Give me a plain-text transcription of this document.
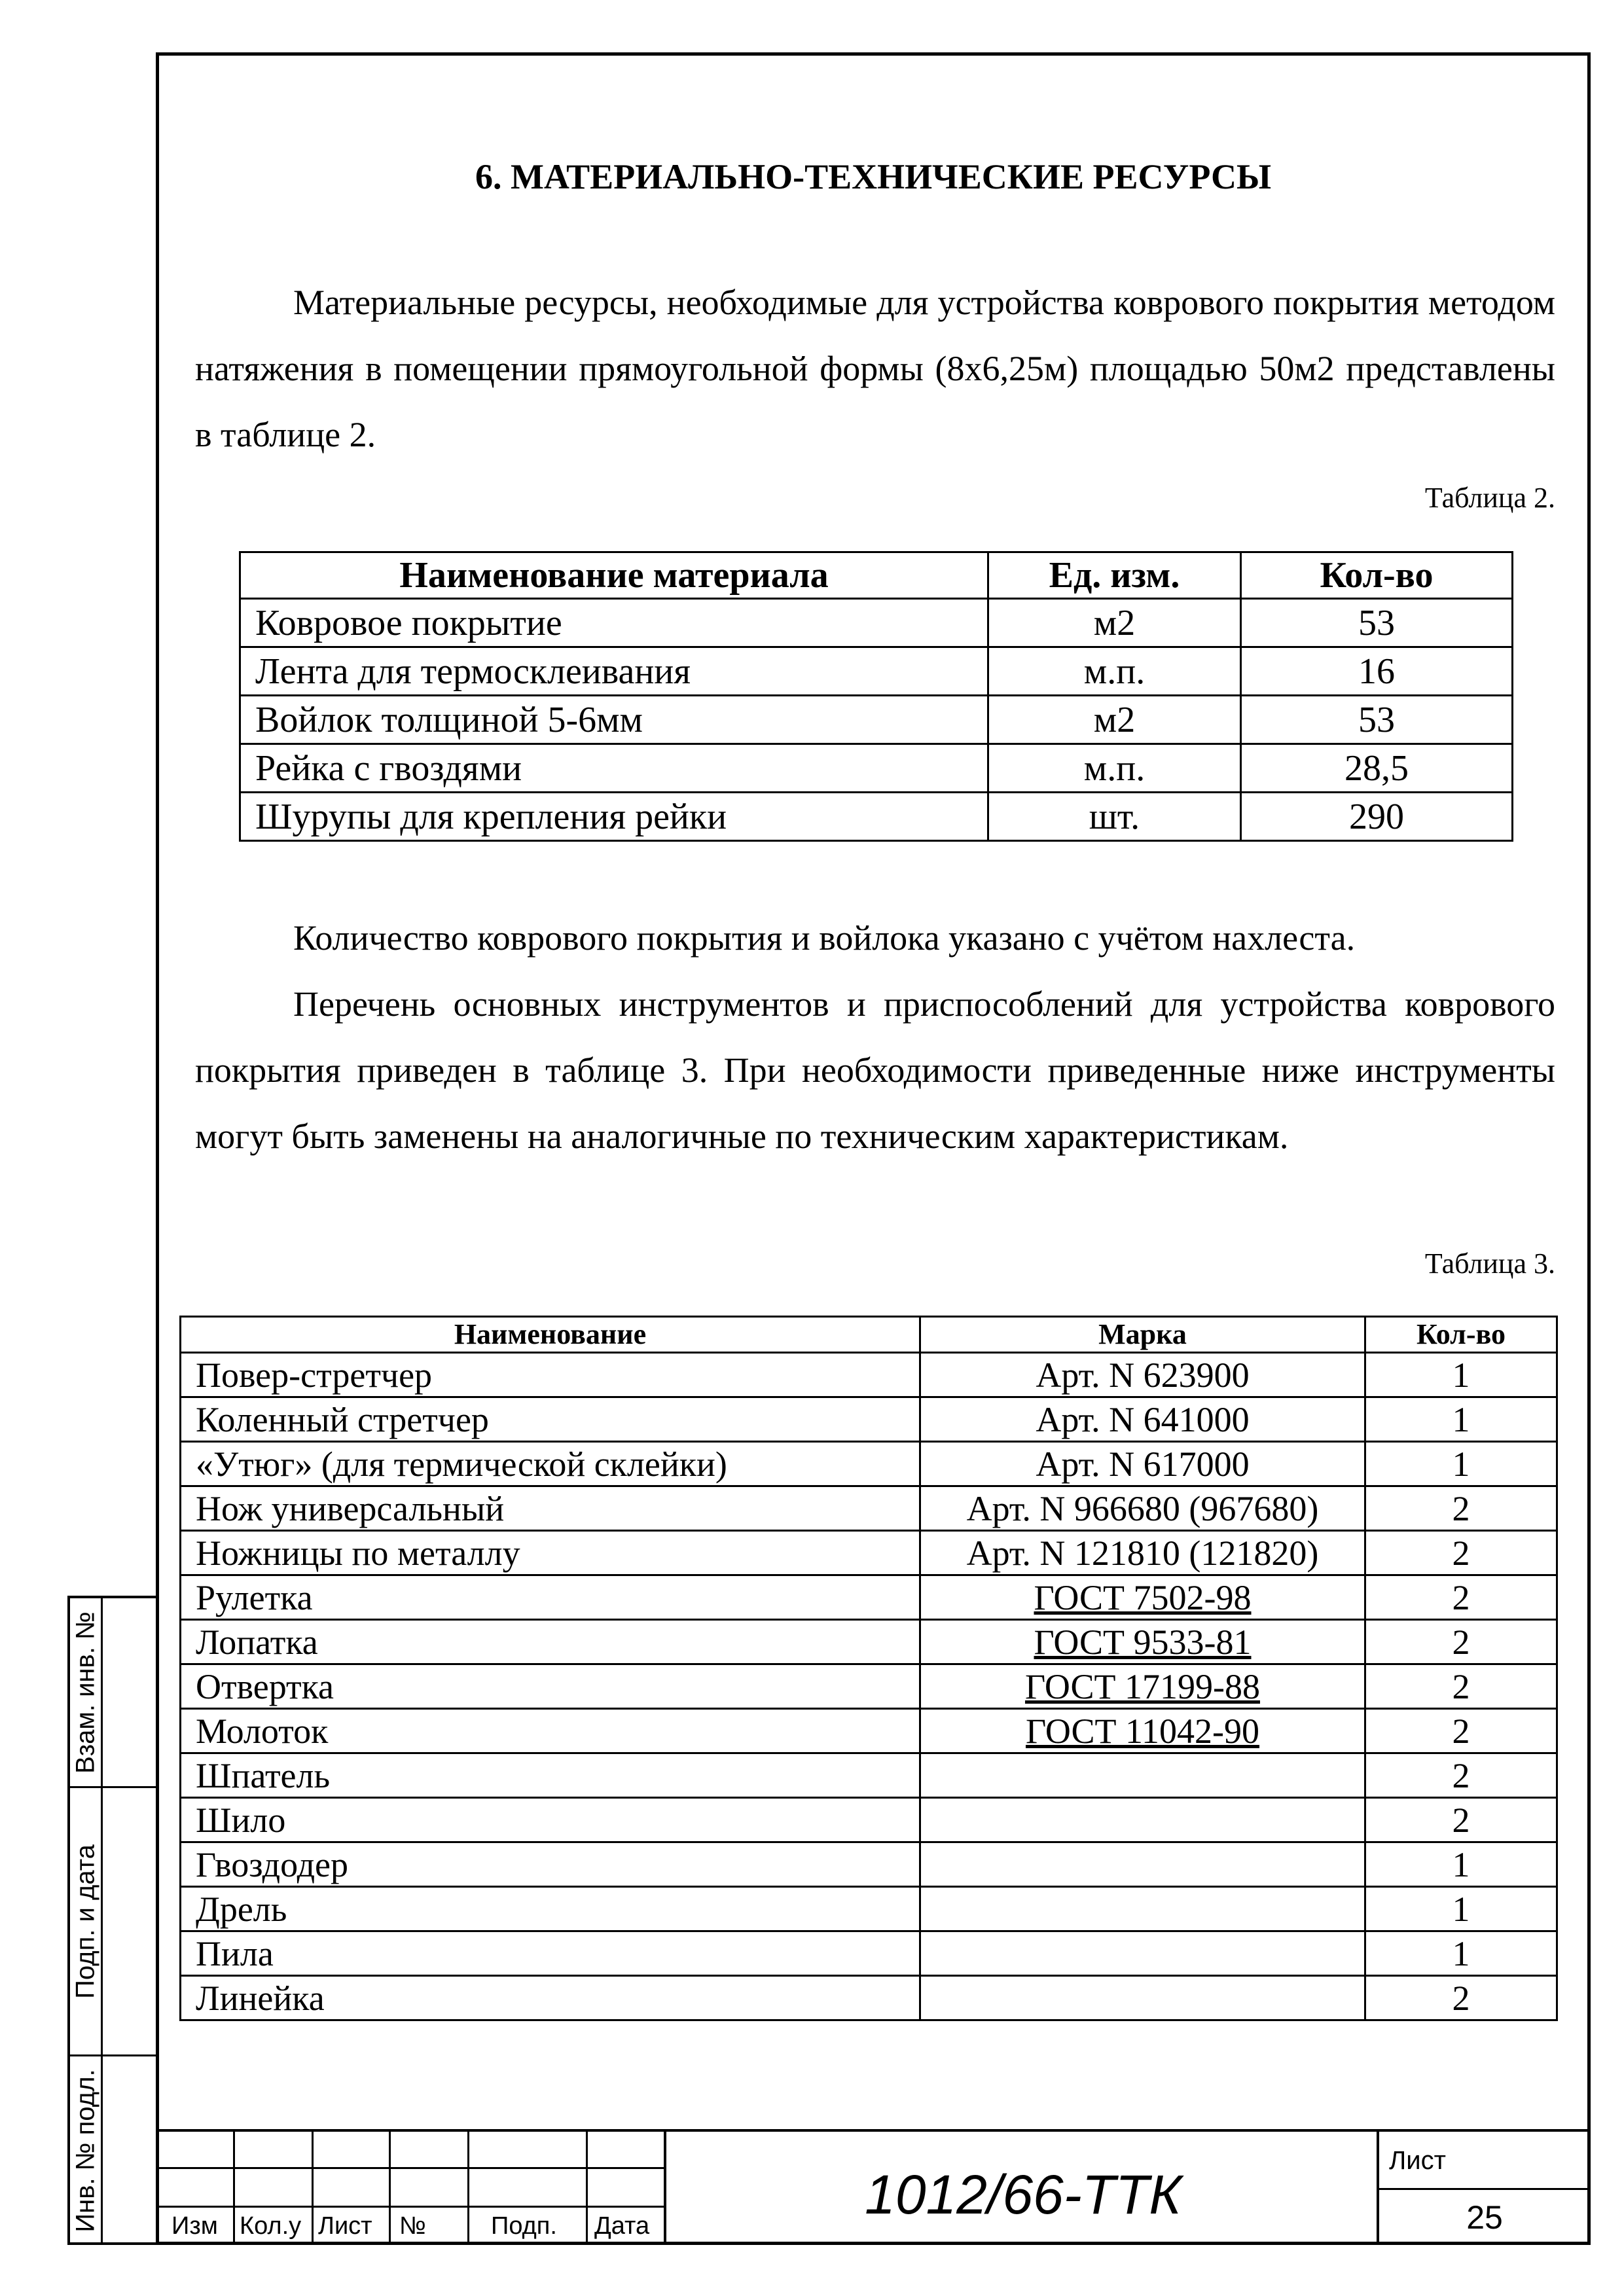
6. МАТЕРИАЛЬНО-ТЕХНИЧЕСКИЕ РЕСУРСЫ

Материальные ресурсы, необходимые для устройства коврового покрытия методом натяжения в помещении прямоугольной формы (8х6,25м) площадью 50м2 представлены в таблице 2.

Таблица 2.
Наименование материала	Ед. изм.	Кол-во
Ковровое покрытие	м2	53
Лента для термосклеивания	м.п.	16
Войлок толщиной 5-6мм	м2	53
Рейка с гвоздями	м.п.	28,5
Шурупы для крепления рейки	шт.	290

Количество коврового покрытия и войлока указано с учётом нахлеста.

Перечень основных инструментов и приспособлений для устройства коврового покрытия приведен в таблице 3. При необходимости приведенные ниже инструменты могут быть заменены на аналогичные по техническим характеристикам.

Таблица 3.
Наименование	Марка	Кол-во
Повер-стретчер	Арт. N 623900	1
Коленный стретчер	Арт. N 641000	1
«Утюг» (для термической склейки)	Арт. N 617000	1
Нож универсальный	Арт. N 966680 (967680)	2
Ножницы по металлу	Арт. N 121810 (121820)	2
Рулетка	ГОСТ 7502-98	2
Лопатка	ГОСТ 9533-81	2
Отвертка	ГОСТ 17199-88	2
Молоток	ГОСТ 11042-90	2
Шпатель		2
Шило		2
Гвоздодер		1
Дрель		1
Пила		1
Линейка		2
Взам. инв. №
Подп. и дата
Инв. № подл.	Изм Кол.у Лист №	Подп. Дата
1012/66-ТТК
Лист
25
